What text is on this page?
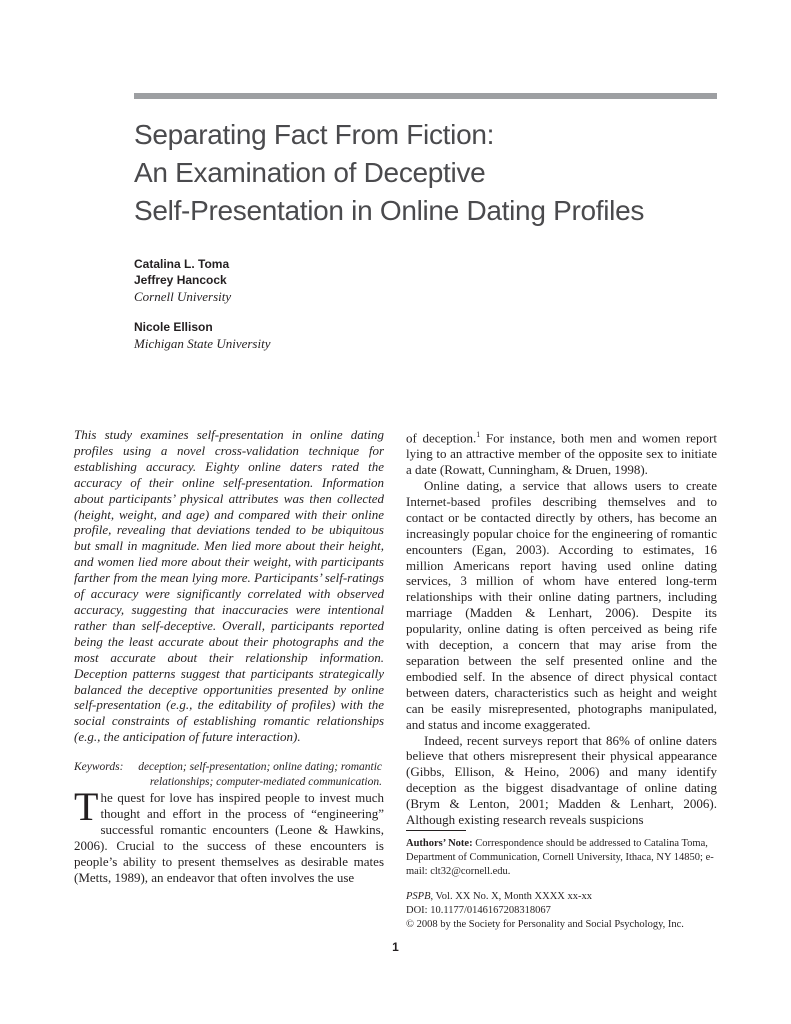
Separating Fact From Fiction:
An Examination of Deceptive
Self-Presentation in Online Dating Profiles
Catalina L. Toma
Jeffrey Hancock
Cornell University
Nicole Ellison
Michigan State University

This study examines self-presentation in online dating profiles using a novel cross-validation technique for establishing accuracy. Eighty online daters rated the accuracy of their online self-presentation. Information about participants’ physical attributes was then collected (height, weight, and age) and compared with their online profile, revealing that deviations tended to be ubiquitous but small in magnitude. Men lied more about their height, and women lied more about their weight, with participants farther from the mean lying more. Participants’ self-ratings of accuracy were significantly correlated with observed accuracy, suggesting that inaccuracies were intentional rather than self-deceptive. Overall, participants reported being the least accurate about their photographs and the most accurate about their relationship information. Deception patterns suggest that participants strategically balanced the deceptive opportunities presented by online self-presentation (e.g., the editability of profiles) with the social constraints of establishing romantic relationships (e.g., the anticipation of future interaction).

Keywords: deception; self-presentation; online dating; romantic relationships; computer-mediated communication.

The quest for love has inspired people to invest much thought and effort in the process of “engineering” successful romantic encounters (Leone & Hawkins, 2006). Crucial to the success of these encounters is people’s ability to present themselves as desirable mates (Metts, 1989), an endeavor that often involves the use

of deception.$^1$ For instance, both men and women report lying to an attractive member of the opposite sex to initiate a date (Rowatt, Cunningham, & Druen, 1998).

Online dating, a service that allows users to create Internet-based profiles describing themselves and to contact or be contacted directly by others, has become an increasingly popular choice for the engineering of romantic encounters (Egan, 2003). According to estimates, 16 million Americans report having used online dating services, 3 million of whom have entered long-term relationships with their online dating partners, including marriage (Madden & Lenhart, 2006). Despite its popularity, online dating is often perceived as being rife with deception, a concern that may arise from the separation between the self presented online and the embodied self. In the absence of direct physical contact between daters, characteristics such as height and weight can be easily misrepresented, photographs manipulated, and status and income exaggerated.

Indeed, recent surveys report that 86% of online daters believe that others misrepresent their physical appearance (Gibbs, Ellison, & Heino, 2006) and many identify deception as the biggest disadvantage of online dating (Brym & Lenton, 2001; Madden & Lenhart, 2006). Although existing research reveals suspicions

Authors’ Note: Correspondence should be addressed to Catalina Toma, Department of Communication, Cornell University, Ithaca, NY 14850; e-mail: clt32@cornell.edu.

PSPB, Vol. XX No. X, Month XXXX xx-xx

DOI: 10.1177/0146167208318067

© 2008 by the Society for Personality and Social Psychology, Inc.

1
